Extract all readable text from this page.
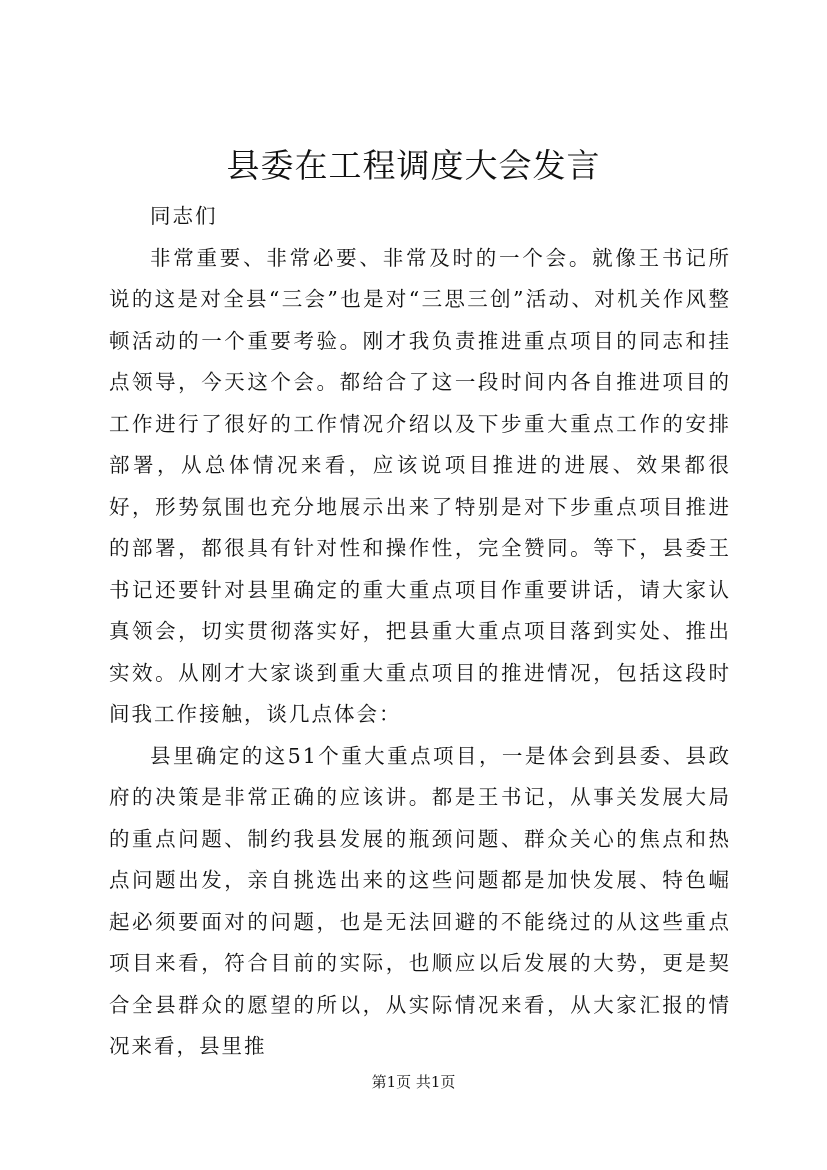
县委在工程调度大会发言

同志们

非常重要、非常必要、非常及时的一个会。就像王书记所说的这是对全县“三会”也是对“三思三创”活动、对机关作风整顿活动的一个重要考验。刚才我负责推进重点项目的同志和挂点领导，今天这个会。都给合了这一段时间内各自推进项目的工作进行了很好的工作情况介绍以及下步重大重点工作的安排部署，从总体情况来看，应该说项目推进的进展、效果都很好，形势氛围也充分地展示出来了特别是对下步重点项目推进的部署，都很具有针对性和操作性，完全赞同。等下，县委王书记还要针对县里确定的重大重点项目作重要讲话，请大家认真领会，切实贯彻落实好，把县重大重点项目落到实处、推出实效。从刚才大家谈到重大重点项目的推进情况，包括这段时间我工作接触，谈几点体会：

县里确定的这51个重大重点项目，一是体会到县委、县政府的决策是非常正确的应该讲。都是王书记，从事关发展大局的重点问题、制约我县发展的瓶颈问题、群众关心的焦点和热点问题出发，亲自挑选出来的这些问题都是加快发展、特色崛起必须要面对的问题，也是无法回避的不能绕过的从这些重点项目来看，符合目前的实际，也顺应以后发展的大势，更是契合全县群众的愿望的所以，从实际情况来看，从大家汇报的情况来看，县里推

第1页 共1页
